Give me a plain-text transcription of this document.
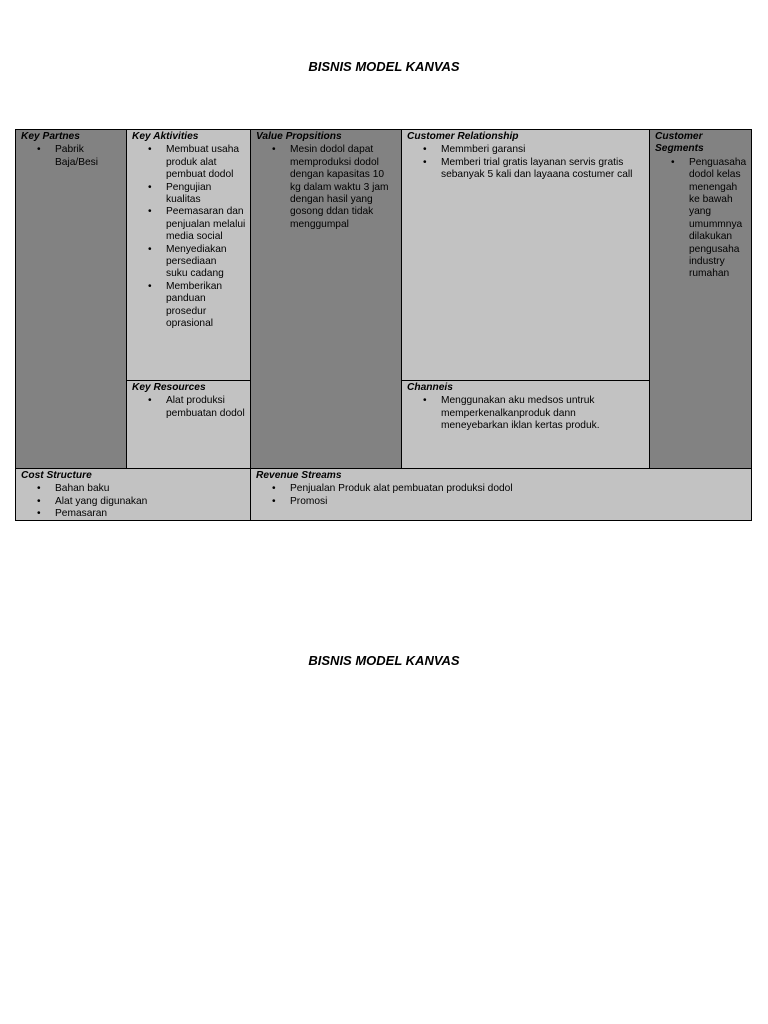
BISNIS MODEL KANVAS
Key Partnes
• Pabrik Baja/Besi
Key Aktivities
• Membuat usaha produk alat pembuat dodol
• Pengujian kualitas
• Peemasaran dan penjualan melalui media social
• Menyediakan persediaan suku cadang
• Memberikan panduan prosedur oprasional
Key Resources
• Alat produksi pembuatan dodol
Value Propsitions
• Mesin dodol dapat memproduksi dodol dengan kapasitas 10 kg dalam waktu 3 jam dengan hasil yang gosong ddan tidak menggumpal
Customer Relationship
• Memmberi garansi
• Memberi trial gratis layanan servis gratis sebanyak 5 kali dan layaana costumer call
Channeis
• Menggunakan aku medsos untruk memperkenalkanproduk dann meneyebarkan iklan kertas produk.
Customer Segments
• Penguasaha dodol kelas menengah ke bawah yang umummnya dilakukan pengusaha industry rumahan
Cost Structure
• Bahan baku
• Alat yang digunakan
• Pemasaran
Revenue Streams
• Penjualan Produk alat pembuatan produksi dodol
• Promosi
BISNIS MODEL KANVAS
